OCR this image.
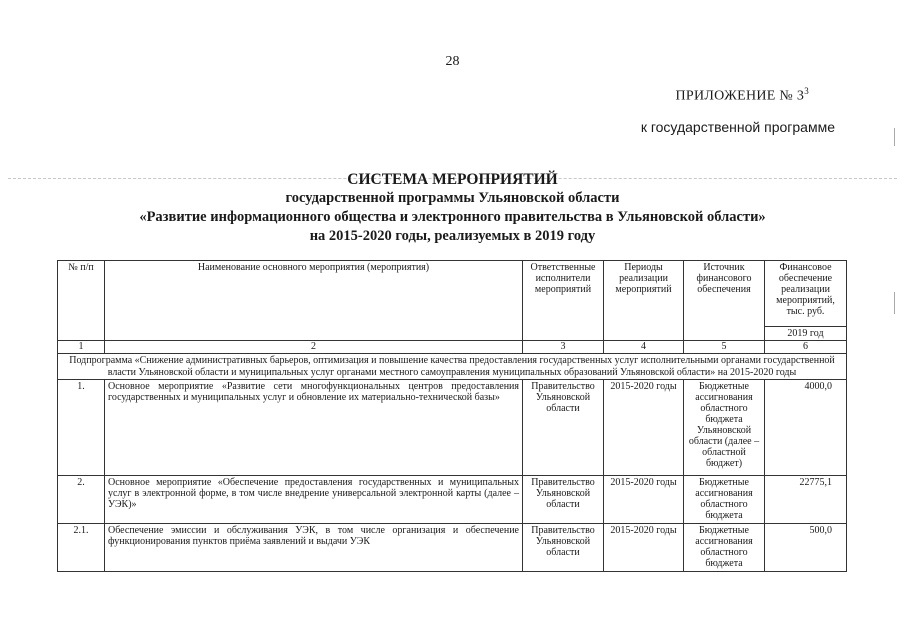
28
ПРИЛОЖЕНИЕ № $3^3$
к государственной программе
СИСТЕМА МЕРОПРИЯТИЙ
государственной программы Ульяновской области
«Развитие информационного общества и электронного правительства в Ульяновской области»
на 2015-2020 годы, реализуемых в 2019 году
№ п/п	Наименование основного мероприятия (мероприятия)	Ответственные исполнители мероприятий	Периоды реализации мероприятий	Источник финансового обеспечения	Финансовое обеспечение реализации мероприятий, тыс. руб.
					2019 год
1	2	3	4	5	6
Подпрограмма «Снижение административных барьеров, оптимизация и повышение качества предоставления государственных услуг исполнительными органами государственной власти Ульяновской области и муниципальных услуг органами местного самоуправления муниципальных образований Ульяновской области» на 2015-2020 годы					
1.	Основное мероприятие «Развитие сети многофункциональных центров предоставления государственных и муниципальных услуг и обновление их материально-технической базы»	Правительство Ульяновской области	2015-2020 годы	Бюджетные ассигнования областного бюджета Ульяновской области (далее – областной бюджет)	4000,0
2.	Основное мероприятие «Обеспечение предоставления государственных и муниципальных услуг в электронной форме, в том числе внедрение универсальной электронной карты (далее – УЭК)»	Правительство Ульяновской области	2015-2020 годы	Бюджетные ассигнования областного бюджета	22775,1
2.1.	Обеспечение эмиссии и обслуживания УЭК, в том числе организация и обеспечение функционирования пунктов приёма заявлений и выдачи УЭК	Правительство Ульяновской области	2015-2020 годы	Бюджетные ассигнования областного бюджета	500,0
